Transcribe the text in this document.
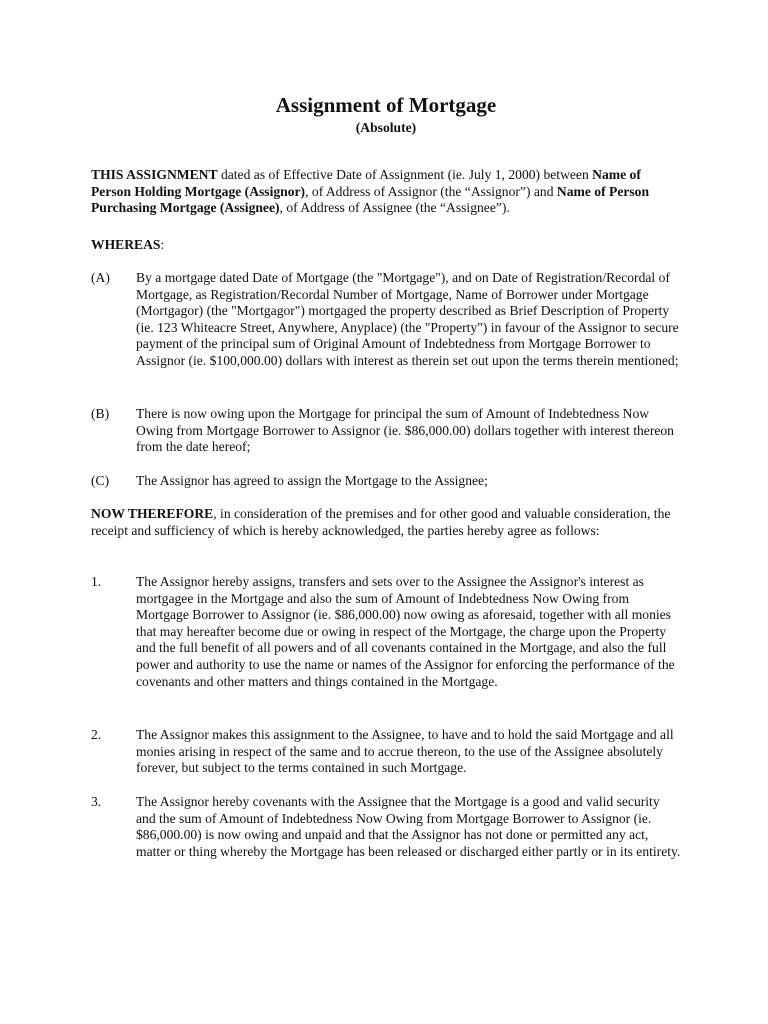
Assignment of Mortgage
(Absolute)

THIS ASSIGNMENT dated as of Effective Date of Assignment (ie. July 1, 2000) between Name of Person Holding Mortgage (Assignor), of Address of Assignor (the “Assignor”) and Name of Person Purchasing Mortgage (Assignee), of Address of Assignee (the “Assignee”).

WHEREAS:

(A)	By a mortgage dated Date of Mortgage (the "Mortgage"), and on Date of Registration/Recordal of Mortgage, as Registration/Recordal Number of Mortgage, Name of Borrower under Mortgage (Mortgagor) (the "Mortgagor") mortgaged the property described as Brief Description of Property (ie. 123 Whiteacre Street, Anywhere, Anyplace) (the "Property") in favour of the Assignor to secure payment of the principal sum of Original Amount of Indebtedness from Mortgage Borrower to Assignor (ie. $100,000.00) dollars with interest as therein set out upon the terms therein mentioned;
(B)	There is now owing upon the Mortgage for principal the sum of Amount of Indebtedness Now Owing from Mortgage Borrower to Assignor (ie. $86,000.00) dollars together with interest thereon from the date hereof;
(C)	The Assignor has agreed to assign the Mortgage to the Assignee;

NOW THEREFORE, in consideration of the premises and for other good and valuable consideration, the receipt and sufficiency of which is hereby acknowledged, the parties hereby agree as follows:

1.	The Assignor hereby assigns, transfers and sets over to the Assignee the Assignor's interest as mortgagee in the Mortgage and also the sum of Amount of Indebtedness Now Owing from Mortgage Borrower to Assignor (ie. $86,000.00) now owing as aforesaid, together with all monies that may hereafter become due or owing in respect of the Mortgage, the charge upon the Property and the full benefit of all powers and of all covenants contained in the Mortgage, and also the full power and authority to use the name or names of the Assignor for enforcing the performance of the covenants and other matters and things contained in the Mortgage.
2.	The Assignor makes this assignment to the Assignee, to have and to hold the said Mortgage and all monies arising in respect of the same and to accrue thereon, to the use of the Assignee absolutely forever, but subject to the terms contained in such Mortgage.
3.	The Assignor hereby covenants with the Assignee that the Mortgage is a good and valid security and the sum of Amount of Indebtedness Now Owing from Mortgage Borrower to Assignor (ie. $86,000.00) is now owing and unpaid and that the Assignor has not done or permitted any act, matter or thing whereby the Mortgage has been released or discharged either partly or in its entirety.
